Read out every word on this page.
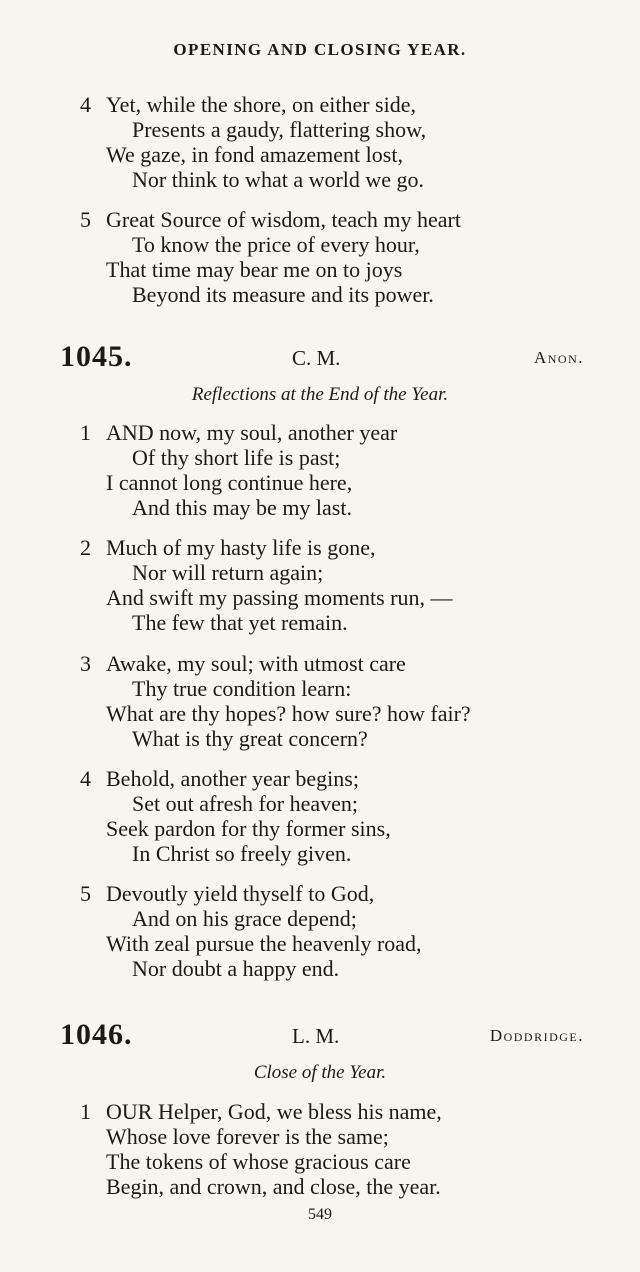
OPENING AND CLOSING YEAR.
4 Yet, while the shore, on either side,
Presents a gaudy, flattering show,
We gaze, in fond amazement lost,
Nor think to what a world we go.
5 Great Source of wisdom, teach my heart
To know the price of every hour,
That time may bear me on to joys
Beyond its measure and its power.
1045.	C. M.	Anon.
Reflections at the End of the Year.
1 AND now, my soul, another year
Of thy short life is past;
I cannot long continue here,
And this may be my last.
2 Much of my hasty life is gone,
Nor will return again;
And swift my passing moments run, —
The few that yet remain.
3 Awake, my soul; with utmost care
Thy true condition learn:
What are thy hopes? how sure? how fair?
What is thy great concern?
4 Behold, another year begins;
Set out afresh for heaven;
Seek pardon for thy former sins,
In Christ so freely given.
5 Devoutly yield thyself to God,
And on his grace depend;
With zeal pursue the heavenly road,
Nor doubt a happy end.
1046.	L. M.	Doddridge.
Close of the Year.
1 OUR Helper, God, we bless his name,
Whose love forever is the same;
The tokens of whose gracious care
Begin, and crown, and close, the year.
549
